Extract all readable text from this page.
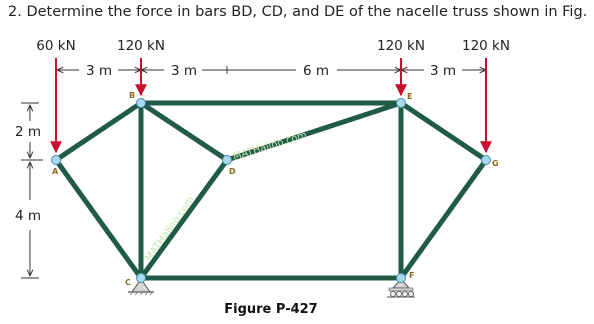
2. Determine the force in bars BD, CD, and DE of the nacelle truss shown in Fig.
60 kN	120 kN	120 kN	120 kN
3 m	3 m	6 m	3 m
2 m
4 m
MATHalino.com
MATHalino.com
A
B
C
D
E
F
G
Figure P-427
